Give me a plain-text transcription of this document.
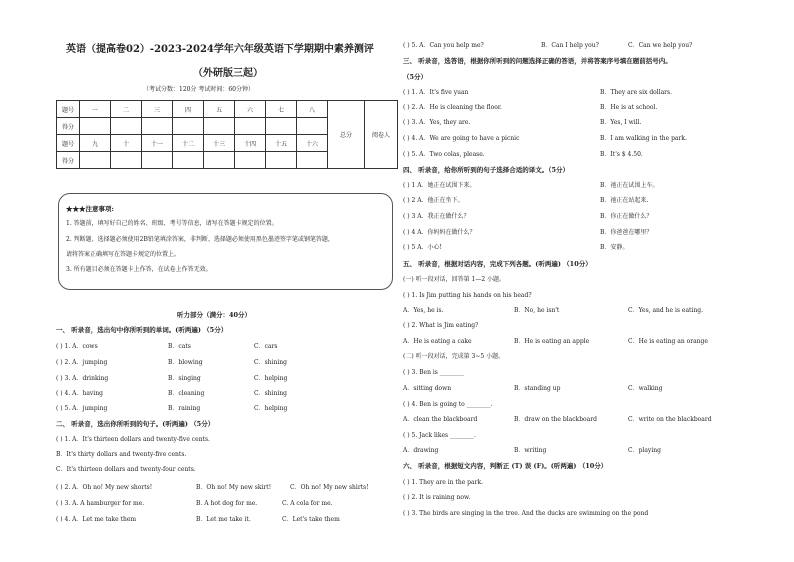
英语（提高卷02）-2023-2024学年六年级英语下学期期中素养测评
（外研版三起）
（考试分数：120分 考试时间：60分钟）
题号	一	二	三	四	五	六	七	八	总分	阅卷人
得分										
题号	九	十	十一	十二	十三	十四	十五	十六		
得分										
★★★注意事项:
1. 答题前，填写好自己的姓名、班级、考号等信息，请写在答题卡规定的位置。
2. 判断题、选择题必须使用2B铅笔填涂答案，非判断、选择题必须使用黑色墨迹签字笔或钢笔答题，
请将答案正确填写在答题卡规定的位置上。
3. 所有题目必须在答题卡上作答，在试卷上作答无效。
听力部分（满分：40分）
一、 听录音，选出句中你所听到的单词。(听两遍) （5分）
( ) 1. A．cows	B．cats	C．cars
( ) 2. A．jumping	B．blowing	C．shining
( ) 3. A．drinking	B．singing	C．helping
( ) 4. A．having	B．cleaning	C．shining
( ) 5. A．jumping	B．raining	C．helping
二、 听录音，选出你所听到的句子。(听两遍) （5分）
( ) 1. A．It's thirteen dollars and twenty-five cents.
B．It's thirty dollars and twenty-five cents.
C．It's thirteen dollars and twenty-four cents.
( ) 2. A．Oh no! My new shorts!	B．Oh no! My new skirt!	C．Oh no! My new shirts!
( ) 3. A. A hamburger for me.	B. A hot dog for me.	C. A cola for me.
( ) 4. A．Let me take them	B．Let me take it.	C．Let's take them
( ) 5. A．Can you help me?	B．Can I help you?	C．Can we help you?
三、 听录音，选答语，根据你所听到的问题选择正确的答语，并将答案序号填在题前括号内。
（5分）
( ) 1. A．It's five yuan	B．They are six dollars.
( ) 2. A．He is cleaning the floor.	B．He is at school.
( ) 3. A．Yes, they are.	B．Yes, I will.
( ) 4. A．We are going to have a picnic	B．I am walking in the park.
( ) 5. A．Two colas, please.	B．It's $ 4.50.
四、 听录音，给你所听到的句子选择合适的译文。（5分）
( ) 1 A．她正在试围下来。	B．祂正在试围上车。
( ) 2 A．他正在坐下。	B．祂正在站起来.
( ) 3 A．我正在做什么？	B．你正在做什么？
( ) 4 A．你妈妈在做什么？	B．你爸爸在哪里？
( ) 5 A．小心!	B．安静。
五、 听录音，根据对话内容，完成下列各题。(听两遍) （10分）
(一) 听一段对话，回答第 1—2 小题。
( ) 1. Is Jim putting his hands on his head?
A．Yes, he is.	B．No, he isn't	C．Yes, and he is eating.
( ) 2. What is Jim eating?
A．He is eating a cake	B．He is eating an apple	C．He is eating an orange
(二) 听一段对话，完成第 3~5 小题。
( ) 3. Ben is ________
A．sitting down	B．standing up	C．walking
( ) 4. Ben is going to ________.
A．clean the blackboard	B．draw on the blackboard	C．write on the blackboard
( ) 5. Jack likes ________.
A．drawing	B．writing	C．playing
六、 听录音，根据短文内容，判断正 (T) 误 (F)。(听两遍) （10分）
( ) 1. They are in the park.
( ) 2. It is raining now.
( ) 3. The birds are singing in the tree. And the ducks are swimming on the pond
